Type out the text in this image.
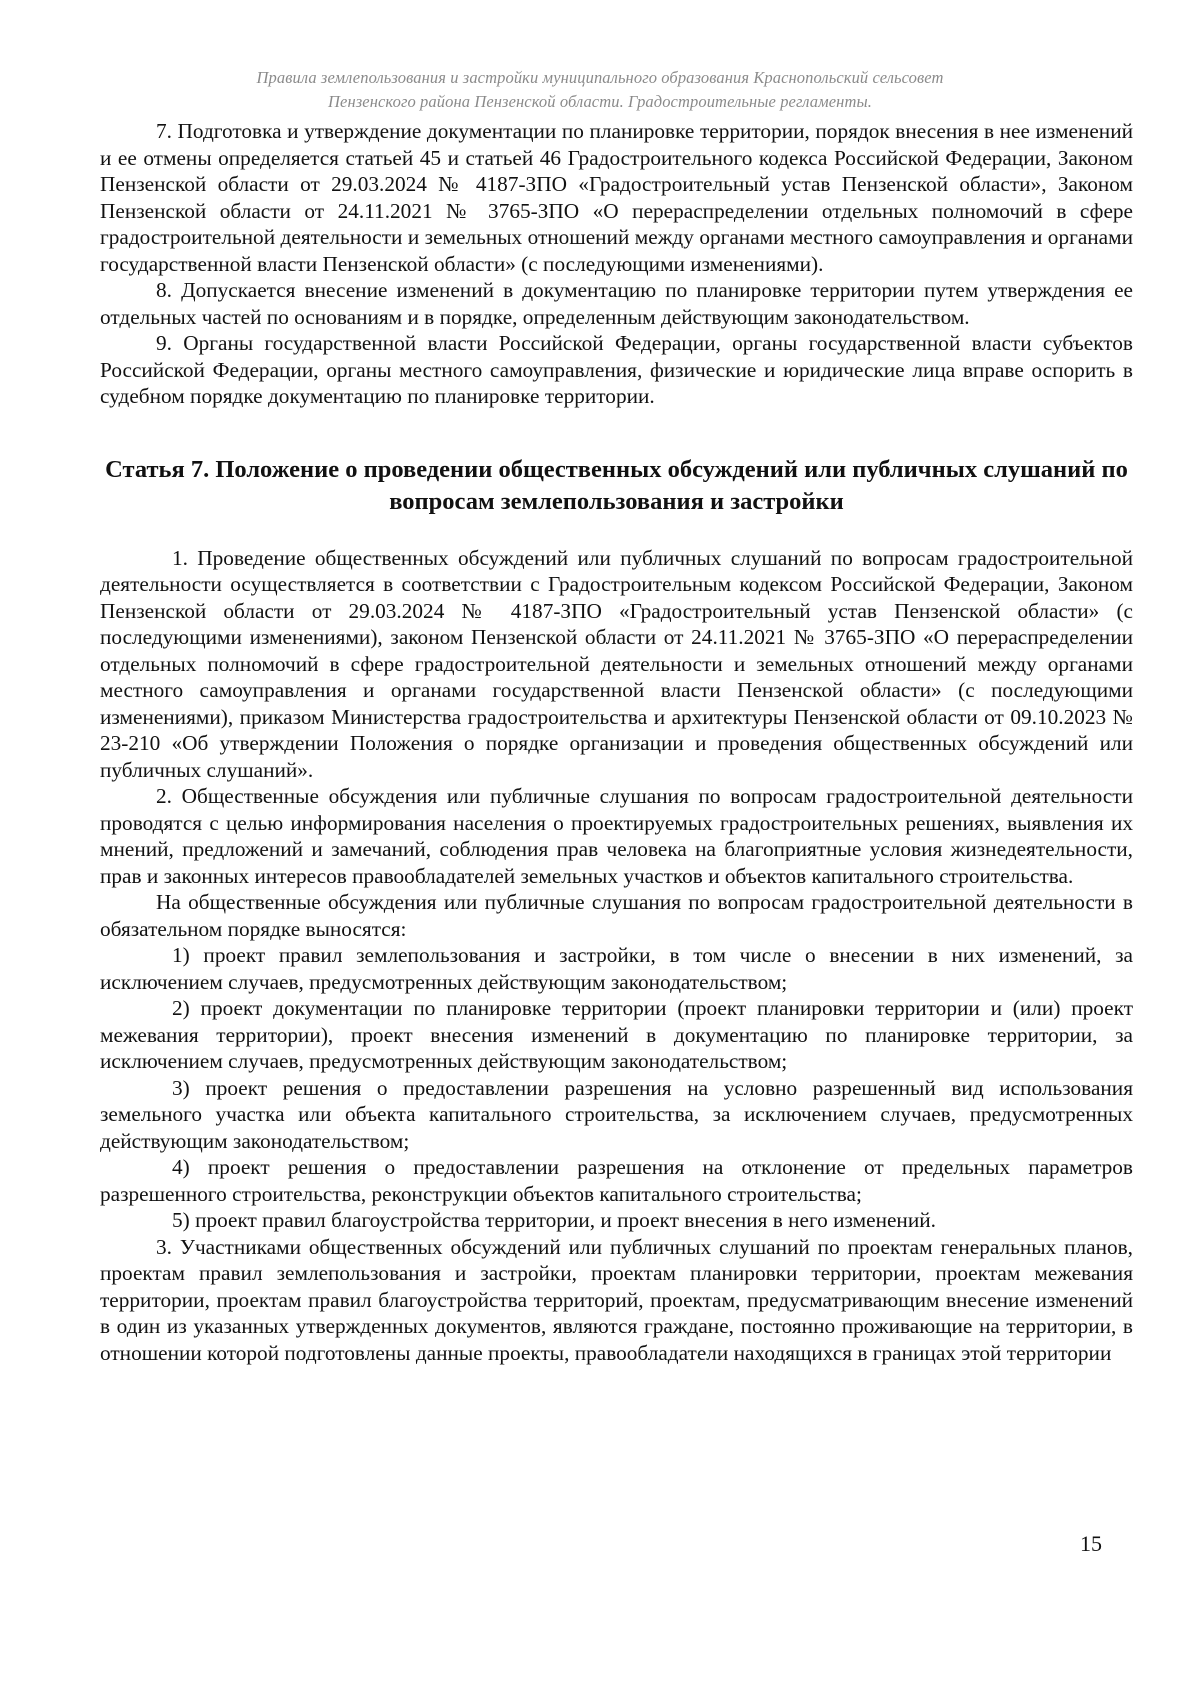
Правила землепользования и застройки муниципального образования Краснопольский сельсовет
Пензенского района Пензенской области. Градостроительные регламенты.

7. Подготовка и утверждение документации по планировке территории, порядок внесения в нее изменений и ее отмены определяется статьей 45 и статьей 46 Градостроительного кодекса Российской Федерации, Законом Пензенской области от 29.03.2024 № 4187-ЗПО «Градостроительный устав Пензенской области», Законом Пензенской области от 24.11.2021 № 3765-ЗПО «О перераспределении отдельных полномочий в сфере градостроительной деятельности и земельных отношений между органами местного самоуправления и органами государственной власти Пензенской области» (с последующими изменениями).

8. Допускается внесение изменений в документацию по планировке территории путем утверждения ее отдельных частей по основаниям и в порядке, определенным действующим законодательством.

9. Органы государственной власти Российской Федерации, органы государственной власти субъектов Российской Федерации, органы местного самоуправления, физические и юридические лица вправе оспорить в судебном порядке документацию по планировке территории.

Статья 7. Положение о проведении общественных обсуждений или публичных слушаний по вопросам землепользования и застройки

1. Проведение общественных обсуждений или публичных слушаний по вопросам градостроительной деятельности осуществляется в соответствии с Градостроительным кодексом Российской Федерации, Законом Пензенской области от 29.03.2024 № 4187-ЗПО «Градостроительный устав Пензенской области» (с последующими изменениями), законом Пензенской области от 24.11.2021 № 3765-ЗПО «О перераспределении отдельных полномочий в сфере градостроительной деятельности и земельных отношений между органами местного самоуправления и органами государственной власти Пензенской области» (с последующими изменениями), приказом Министерства градостроительства и архитектуры Пензенской области от 09.10.2023 № 23-210 «Об утверждении Положения о порядке организации и проведения общественных обсуждений или публичных слушаний».

2. Общественные обсуждения или публичные слушания по вопросам градостроительной деятельности проводятся с целью информирования населения о проектируемых градостроительных решениях, выявления их мнений, предложений и замечаний, соблюдения прав человека на благоприятные условия жизнедеятельности, прав и законных интересов правообладателей земельных участков и объектов капитального строительства.

На общественные обсуждения или публичные слушания по вопросам градостроительной деятельности в обязательном порядке выносятся:

1) проект правил землепользования и застройки, в том числе о внесении в них изменений, за исключением случаев, предусмотренных действующим законодательством;

2) проект документации по планировке территории (проект планировки территории и (или) проект межевания территории), проект внесения изменений в документацию по планировке территории, за исключением случаев, предусмотренных действующим законодательством;

3) проект решения о предоставлении разрешения на условно разрешенный вид использования земельного участка или объекта капитального строительства, за исключением случаев, предусмотренных действующим законодательством;

4) проект решения о предоставлении разрешения на отклонение от предельных параметров разрешенного строительства, реконструкции объектов капитального строительства;

5) проект правил благоустройства территории, и проект внесения в него изменений.

3. Участниками общественных обсуждений или публичных слушаний по проектам генеральных планов, проектам правил землепользования и застройки, проектам планировки территории, проектам межевания территории, проектам правил благоустройства территорий, проектам, предусматривающим внесение изменений в один из указанных утвержденных документов, являются граждане, постоянно проживающие на территории, в отношении которой подготовлены данные проекты, правообладатели находящихся в границах этой территории

15
